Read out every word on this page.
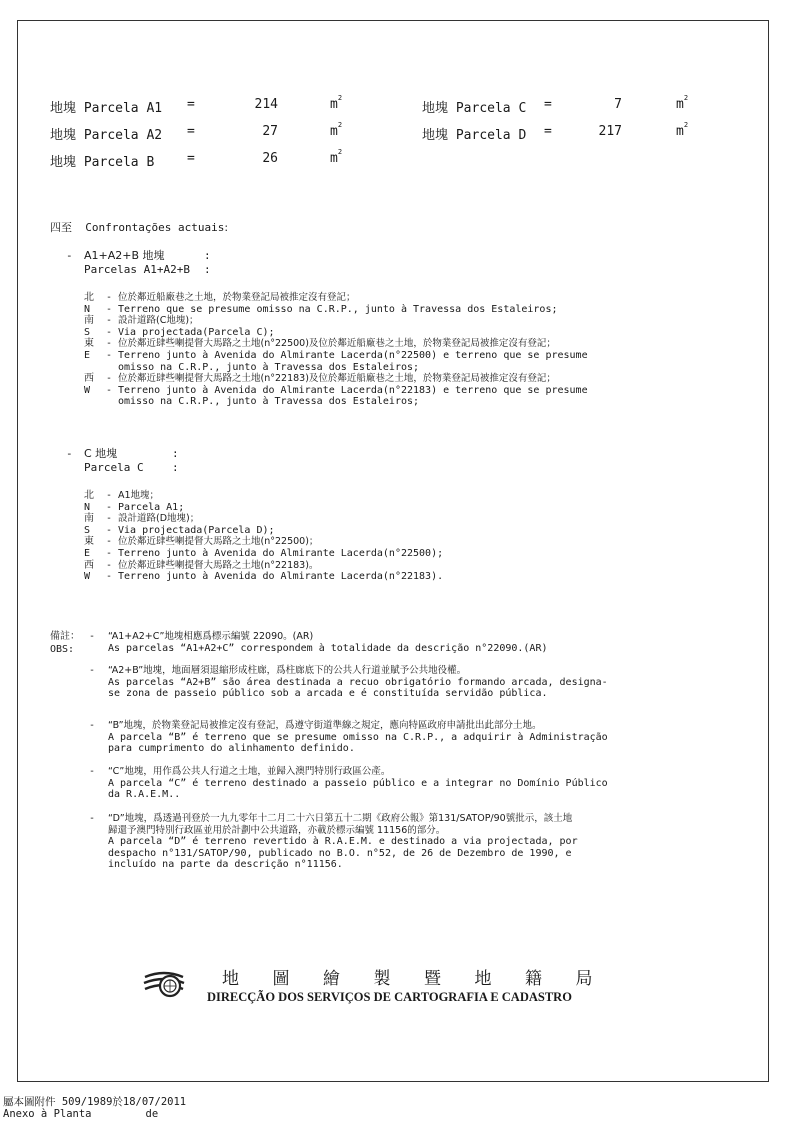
地塊 Parcela A1 =	214	$m^2$
地塊 Parcela A2 =	27	$m^2$
地塊 Parcela B	=	26	$m^2$
地塊 Parcela C =	7	$m^2$
地塊 Parcela D =	217	$m^2$
四至 Confrontações actuais:
- A1+A2+B 地塊	:
Parcelas A1+A2+B :
北 - 位於鄰近船廠巷之土地，於物業登記局被推定沒有登記；
N - Terreno que se presume omisso na C.R.P., junto à Travessa dos Estaleiros;
南 - 設計道路(C地塊)；
S - Via projectada(Parcela C);
東 - 位於鄰近肆些喇提督大馬路之土地(n°22500)及位於鄰近船廠巷之土地，於物業登記局被推定沒有登記；
E - Terreno junto à Avenida do Almirante Lacerda(n°22500) e terreno que se presume
omisso na C.R.P., junto à Travessa dos Estaleiros;
西 - 位於鄰近肆些喇提督大馬路之土地(n°22183)及位於鄰近船廠巷之土地，於物業登記局被推定沒有登記；
W - Terreno junto à Avenida do Almirante Lacerda(n°22183) e terreno que se presume
omisso na C.R.P., junto à Travessa dos Estaleiros;
- C 地塊	:
Parcela C	:
北 - A1地塊；
N - Parcela A1;
南 - 設計道路(D地塊)；
S - Via projectada(Parcela D);
東 - 位於鄰近肆些喇提督大馬路之土地(n°22500)；
E - Terreno junto à Avenida do Almirante Lacerda(n°22500);
西 - 位於鄰近肆些喇提督大馬路之土地(n°22183)。
W - Terreno junto à Avenida do Almirante Lacerda(n°22183).
備註： -
OBS:
“A1+A2+C”地塊相應爲標示編號 22090。(AR)
As parcelas “A1+A2+C” correspondem à totalidade da descrição n°22090.(AR)
- “A2+B”地塊，地面層須退縮形成柱廊，爲柱廊底下的公共人行道並賦予公共地役權。
As parcelas “A2+B” são área destinada a recuo obrigatório formando arcada, designa-
se zona de passeio público sob a arcada e é constituída servidão pública.
- “B”地塊，於物業登記局被推定沒有登記，爲遵守街道準線之規定，應向特區政府申請批出此部分土地。
A parcela “B” é terreno que se presume omisso na C.R.P., a adquirir à Administração
para cumprimento do alinhamento definido.
- “C”地塊，用作爲公共人行道之土地，並歸入澳門特別行政區公產。
A parcela “C” é terreno destinado a passeio público e a integrar no Domínio Público
da R.A.E.M..
- “D”地塊，爲透過刊登於一九九零年十二月二十六日第五十二期《政府公報》第131/SATOP/90號批示，該土地
歸還予澳門特別行政區並用於計劃中公共道路，亦載於標示編號 11156的部分。
A parcela “D” é terreno revertido à R.A.E.M. e destinado a via projectada, por
despacho n°131/SATOP/90, publicado no B.O. n°52, de 26 de Dezembro de 1990, e
incluído na parte da descrição n°11156.
地 圖 繪 製 暨 地 籍 局
DIRECÇÃO DOS SERVIÇOS DE CARTOGRAFIA E CADASTRO
屬本圖附件 509/1989於18/07/2011
Anexo à Planta	de
